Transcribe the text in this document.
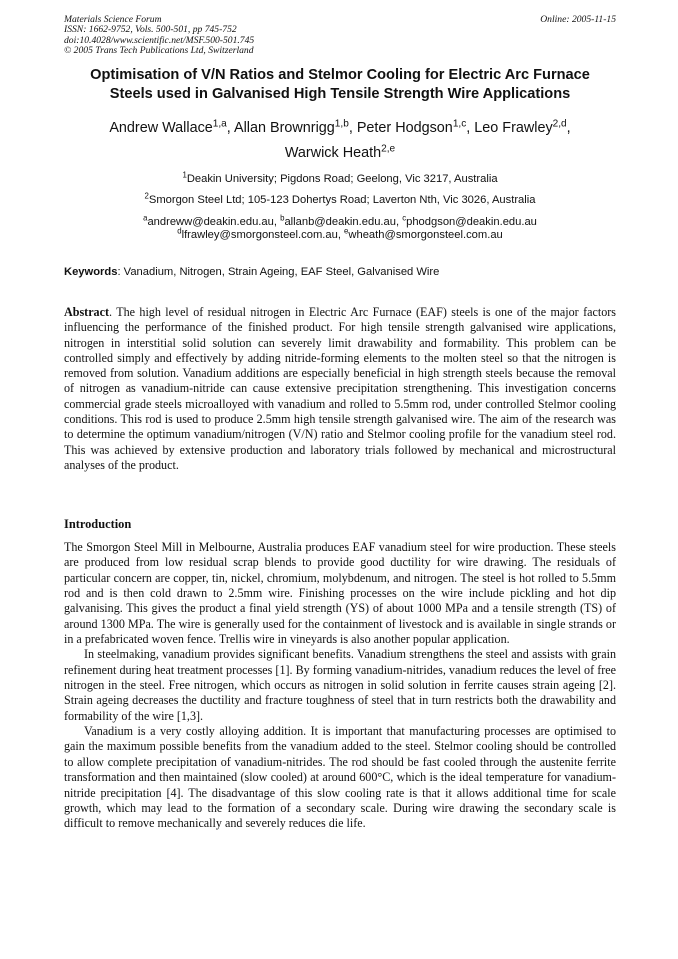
Materials Science Forum
ISSN: 1662-9752, Vols. 500-501, pp 745-752
doi:10.4028/www.scientific.net/MSF.500-501.745
© 2005 Trans Tech Publications Ltd, Switzerland
Online: 2005-11-15
Optimisation of V/N Ratios and Stelmor Cooling for Electric Arc Furnace
Steels used in Galvanised High Tensile Strength Wire Applications
Andrew Wallace$^{1,a}$, Allan Brownrigg$^{1,b}$, Peter Hodgson$^{1,c}$, Leo Frawley$^{2,d}$,
Warwick Heath$^{2,e}$
$^1$Deakin University; Pigdons Road; Geelong, Vic 3217, Australia
$^2$Smorgon Steel Ltd; 105-123 Dohertys Road; Laverton Nth, Vic 3026, Australia
$^a$andreww@deakin.edu.au, $^b$allanb@deakin.edu.au, $^c$phodgson@deakin.edu.au
$^d$lfrawley@smorgonsteel.com.au, $^e$wheath@smorgonsteel.com.au
Keywords: Vanadium, Nitrogen, Strain Ageing, EAF Steel, Galvanised Wire
Abstract. The high level of residual nitrogen in Electric Arc Furnace (EAF) steels is one of the major factors influencing the performance of the finished product. For high tensile strength galvanised wire applications, nitrogen in interstitial solid solution can severely limit drawability and formability. This problem can be controlled simply and effectively by adding nitride-forming elements to the molten steel so that the nitrogen is removed from solution. Vanadium additions are especially beneficial in high strength steels because the removal of nitrogen as vanadium-nitride can cause extensive precipitation strengthening. This investigation concerns commercial grade steels microalloyed with vanadium and rolled to 5.5mm rod, under controlled Stelmor cooling conditions. This rod is used to produce 2.5mm high tensile strength galvanised wire. The aim of the research was to determine the optimum vanadium/nitrogen (V/N) ratio and Stelmor cooling profile for the vanadium steel rod. This was achieved by extensive production and laboratory trials followed by mechanical and microstructural analyses of the product.
Introduction

The Smorgon Steel Mill in Melbourne, Australia produces EAF vanadium steel for wire production. These steels are produced from low residual scrap blends to provide good ductility for wire drawing. The residuals of particular concern are copper, tin, nickel, chromium, molybdenum, and nitrogen. The steel is hot rolled to 5.5mm rod and is then cold drawn to 2.5mm wire. Finishing processes on the wire include pickling and hot dip galvanising. This gives the product a final yield strength (YS) of about 1000 MPa and a tensile strength (TS) of around 1300 MPa. The wire is generally used for the containment of livestock and is available in single strands or in a prefabricated woven fence. Trellis wire in vineyards is also another popular application.

In steelmaking, vanadium provides significant benefits. Vanadium strengthens the steel and assists with grain refinement during heat treatment processes [1]. By forming vanadium-nitrides, vanadium reduces the level of free nitrogen in the steel. Free nitrogen, which occurs as nitrogen in solid solution in ferrite causes strain ageing [2]. Strain ageing decreases the ductility and fracture toughness of steel that in turn restricts both the drawability and formability of the wire [1,3].

Vanadium is a very costly alloying addition. It is important that manufacturing processes are optimised to gain the maximum possible benefits from the vanadium added to the steel. Stelmor cooling should be controlled to allow complete precipitation of vanadium-nitrides. The rod should be fast cooled through the austenite ferrite transformation and then maintained (slow cooled) at around 600°C, which is the ideal temperature for vanadium-nitride precipitation [4]. The disadvantage of this slow cooling rate is that it allows additional time for scale growth, which may lead to the formation of a secondary scale. During wire drawing the secondary scale is difficult to remove mechanically and severely reduces die life.
